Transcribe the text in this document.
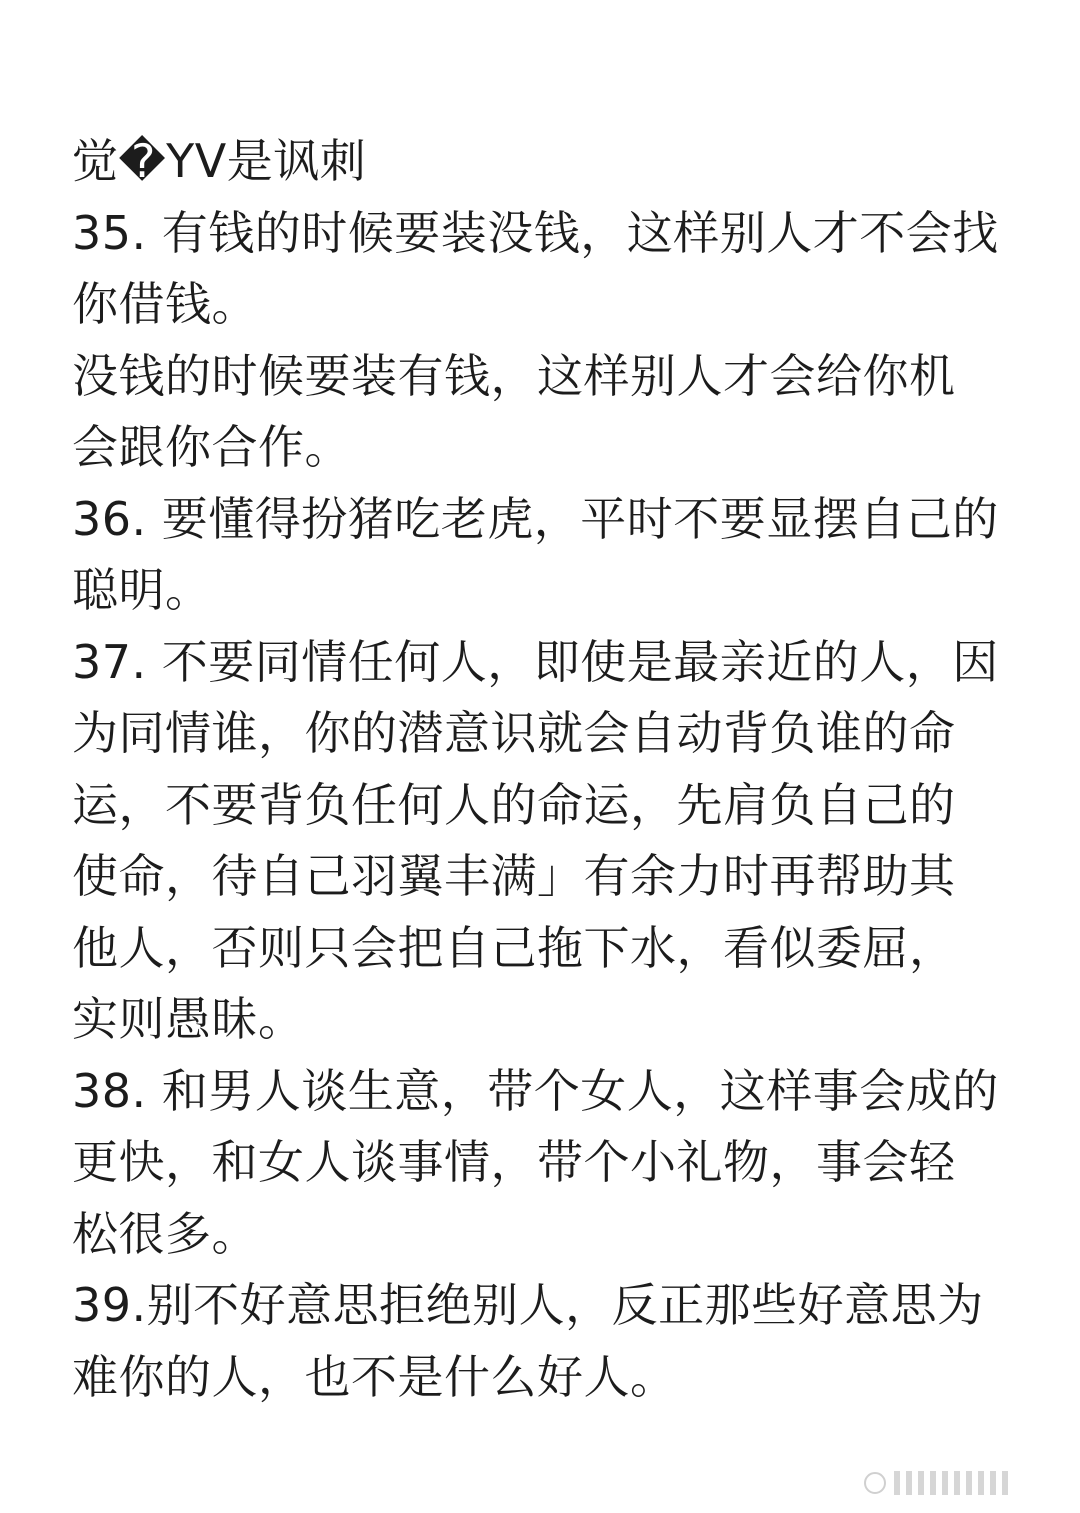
觉�YV是讽刺
35. 有钱的时候要装没钱，这样别人才不会找
你借钱。
没钱的时候要装有钱，这样别人才会给你机
会跟你合作。
36. 要懂得扮猪吃老虎，平时不要显摆自己的
聪明。
37. 不要同情任何人，即使是最亲近的人，因
为同情谁，你的潜意识就会自动背负谁的命
运，不要背负任何人的命运，先肩负自己的
使命，待自己羽翼丰满」有余力时再帮助其
他人，否则只会把自己拖下水，看似委屈，
实则愚昧。
38. 和男人谈生意，带个女人，这样事会成的
更快，和女人谈事情，带个小礼物，事会轻
松很多。
39.别不好意思拒绝别人，反正那些好意思为
难你的人，也不是什么好人。
